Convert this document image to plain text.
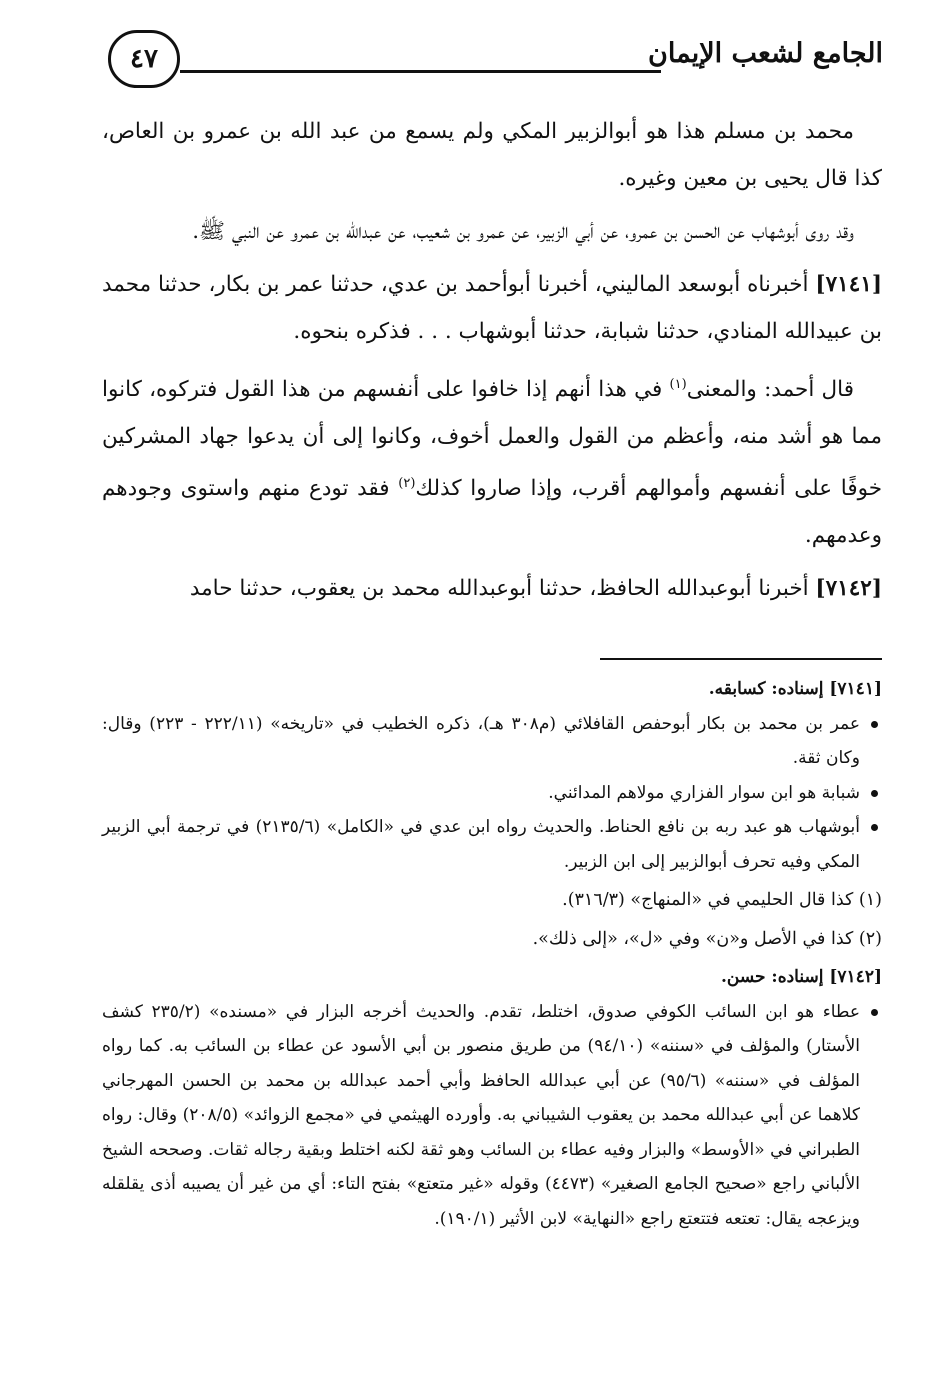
٤٧	الجامع لشعب الإيمان

محمد بن مسلم هذا هو أبوالزبير المكي ولم يسمع من عبد الله بن عمرو بن العاص، كذا قال يحيى بن معين وغيره.

وقد روى أبوشهاب عن الحسن بن عمرو، عن أبي الزبير، عن عمرو بن شعيب، عن عبدالله بن عمرو عن النبي ﷺ.

[٧١٤١] أخبرناه أبوسعد الماليني، أخبرنا أبوأحمد بن عدي، حدثنا عمر بن بكار، حدثنا محمد بن عبيدالله المنادي، حدثنا شبابة، حدثنا أبوشهاب . . . فذكره بنحوه.

قال أحمد: والمعنى$^{(١)}$ في هذا أنهم إذا خافوا على أنفسهم من هذا القول فتركوه، كانوا مما هو أشد منه، وأعظم من القول والعمل أخوف، وكانوا إلى أن يدعوا جهاد المشركين خوفًا على أنفسهم وأموالهم أقرب، وإذا صاروا كذلك$^{(٢)}$ فقد تودع منهم واستوى وجودهم وعدمهم.

[٧١٤٢] أخبرنا أبوعبدالله الحافظ، حدثنا أبوعبدالله محمد بن يعقوب، حدثنا حامد

[٧١٤١] إسناده: كسابقه.

عمر بن محمد بن بكار أبوحفص القافلائي (م٣٠٨ هـ)، ذكره الخطيب في «تاريخه» (٢٢٢/١١ - ٢٢٣) وقال: وكان ثقة.

شبابة هو ابن سوار الفزاري مولاهم المدائني.

أبوشهاب هو عبد ربه بن نافع الحناط. والحديث رواه ابن عدي في «الكامل» (٢١٣٥/٦) في ترجمة أبي الزبير المكي وفيه تحرف أبوالزبير إلى ابن الزبير.

(١) كذا قال الحليمي في «المنهاج» (٣١٦/٣).

(٢) كذا في الأصل و«ن» وفي «ل»، «إلى ذلك».

[٧١٤٢] إسناده: حسن.

عطاء هو ابن السائب الكوفي صدوق، اختلط، تقدم. والحديث أخرجه البزار في «مسنده» (٢٣٥/٢ كشف الأستار) والمؤلف في «سننه» (٩٤/١٠) من طريق منصور بن أبي الأسود عن عطاء بن السائب به. كما رواه المؤلف في «سننه» (٩٥/٦) عن أبي عبدالله الحافظ وأبي أحمد عبدالله بن محمد بن الحسن المهرجاني كلاهما عن أبي عبدالله محمد بن يعقوب الشيباني به. وأورده الهيثمي في «مجمع الزوائد» (٢٠٨/٥) وقال: رواه الطبراني في «الأوسط» والبزار وفيه عطاء بن السائب وهو ثقة لكنه اختلط وبقية رجاله ثقات. وصححه الشيخ الألباني راجع «صحيح الجامع الصغير» (٤٤٧٣) وقوله «غير متعتع» بفتح التاء: أي من غير أن يصيبه أذى يقلقله ويزعجه يقال: تعتعه فتتعتع راجع «النهاية» لابن الأثير (١٩٠/١).
